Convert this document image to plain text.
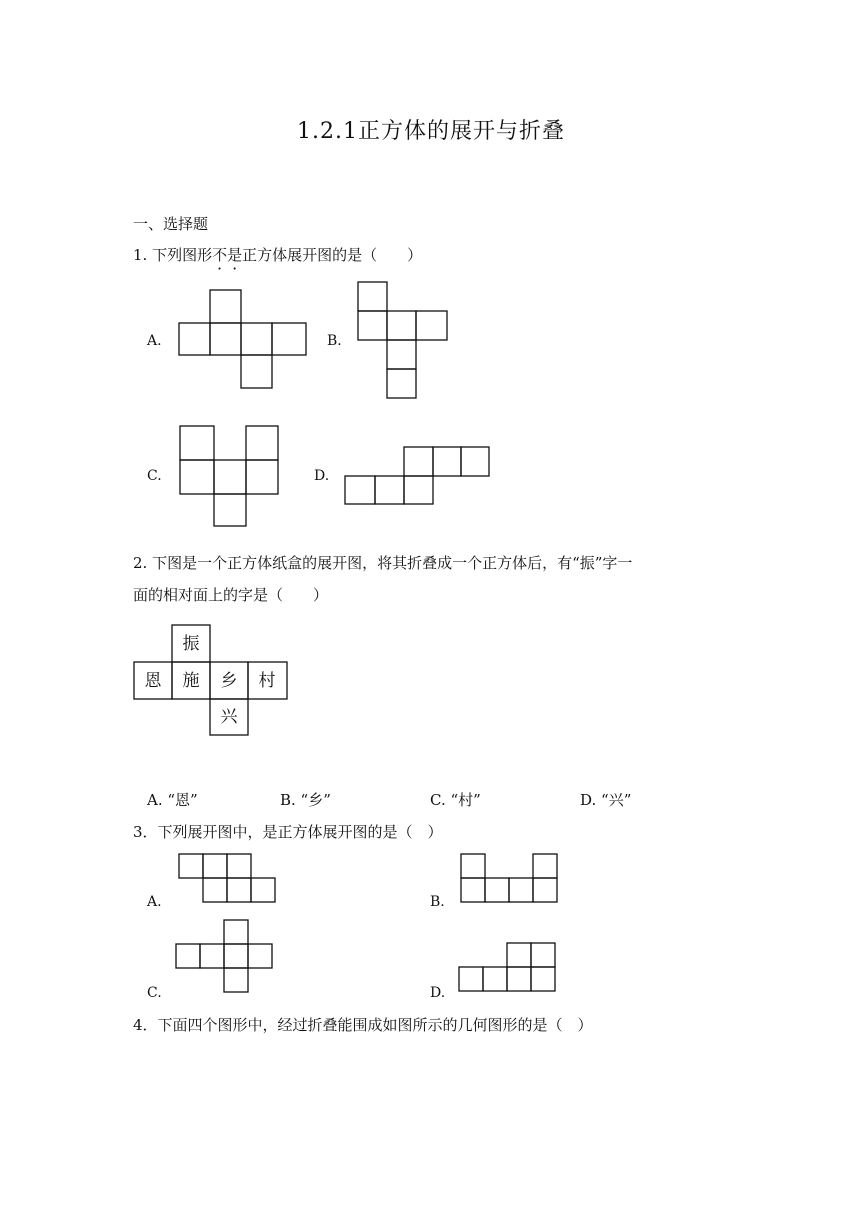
1.2.1正方体的展开与折叠
一、选择题
1. 下列图形不是正方体展开图的是（　　）
A.	B.
C.	D.
2. 下图是一个正方体纸盒的展开图，将其折叠成一个正方体后，有“振”字一
面的相对面上的字是（　　）
振
恩 施 乡 村
兴
A. “恩”	B. “乡”	C. “村”	D. “兴”
3．下列展开图中，是正方体展开图的是（　）
A.	B.
C.	D.
4．下面四个图形中，经过折叠能围成如图所示的几何图形的是（　）
